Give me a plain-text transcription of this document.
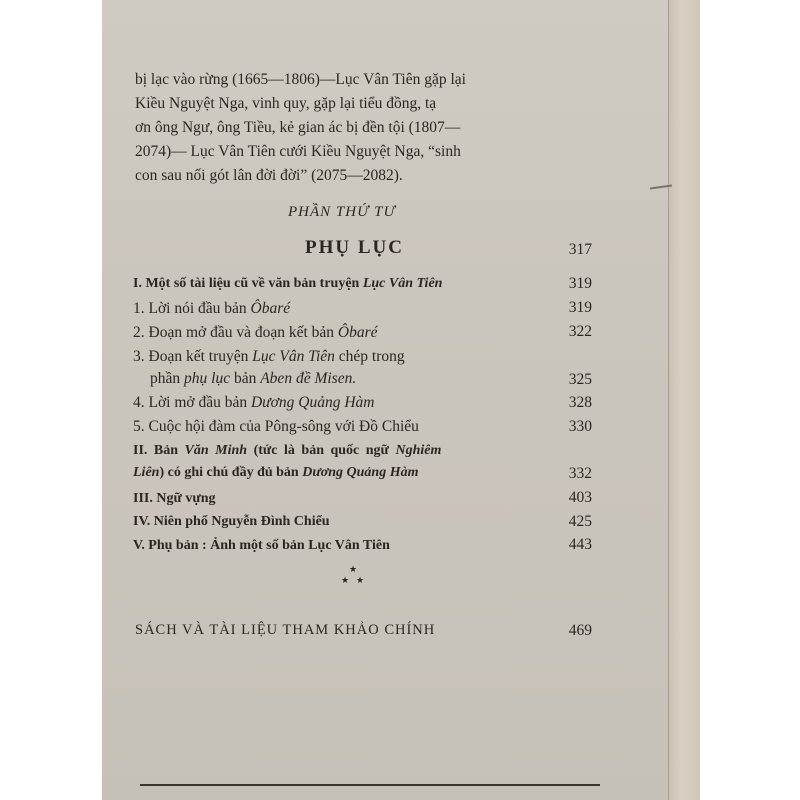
bị lạc vào rừng (1665—1806)—Lục Vân Tiên gặp lại
Kiều Nguyệt Nga, vinh quy, gặp lại tiểu đồng, tạ
ơn ông Ngư, ông Tiều, kẻ gian ác bị đền tội (1807—
2074)— Lục Vân Tiên cưới Kiều Nguyệt Nga, “sinh
con sau nối gót lân đời đời” (2075—2082).
PHẦN THỨ TƯ
PHỤ LỤC	317
I. Một số tài liệu cũ về văn bản truyện Lục Vân Tiên	319
1. Lời nói đầu bản Ôbaré	319
2. Đoạn mở đầu và đoạn kết bản Ôbaré	322
3. Đoạn kết truyện Lục Vân Tiên chép trong
phần phụ lục bản Aben đề Misen.	325
4. Lời mở đầu bản Dương Quảng Hàm	328
5. Cuộc hội đàm của Pông-sông với Đồ Chiểu	330
II. Bản Văn Minh (tức là bản quốc ngữ Nghiêm
Liên) có ghi chú đầy đủ bản Dương Quảng Hàm	332
III. Ngữ vựng	403
IV. Niên phổ Nguyễn Đình Chiểu	425
V. Phụ bản : Ảnh một số bản Lục Vân Tiên	443
★
★ ★
SÁCH VÀ TÀI LIỆU THAM KHẢO CHÍNH	469
